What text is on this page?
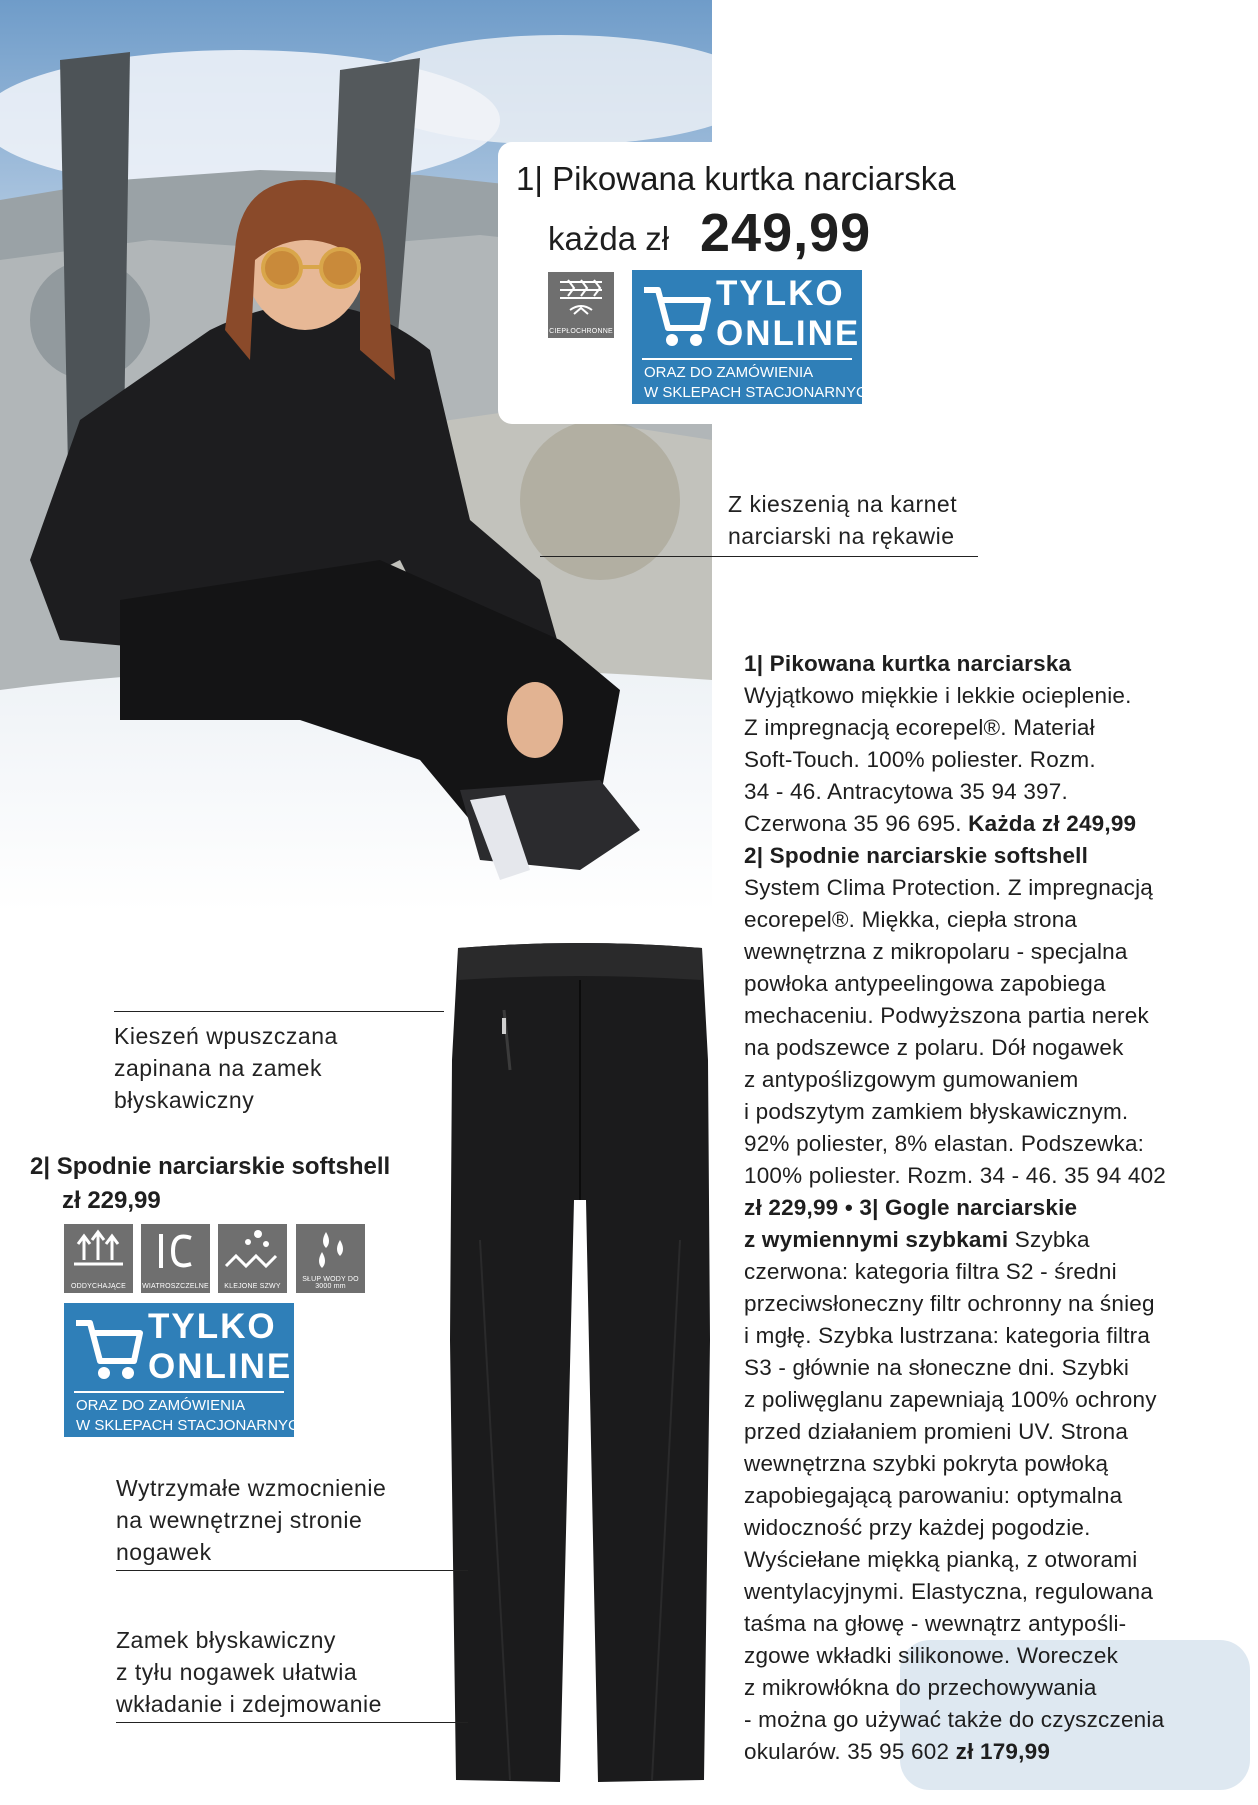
1| Pikowana kurtka narciarska
każda zł 249,99
CIEPŁOCHRONNE
TYLKO
ONLINE
ORAZ DO ZAMÓWIENIA
W SKLEPACH STACJONARNYCH
Z kieszenią na karnet
narciarski na rękawie
Kieszeń wpuszczana
zapinana na zamek
błyskawiczny
2| Spodnie narciarskie softshell
zł 229,99
ODDYCHAJĄCE	WIATROSZCZELNE	KLEJONE SZWY
SŁUP WODY DO 3000 mm
TYLKO
ONLINE
ORAZ DO ZAMÓWIENIA
W SKLEPACH STACJONARNYCH
Wytrzymałe wzmocnienie
na wewnętrznej stronie
nogawek
Zamek błyskawiczny
z tyłu nogawek ułatwia
wkładanie i zdejmowanie
1| Pikowana kurtka narciarska
Wyjątkowo miękkie i lekkie ocieplenie.
Z impregnacją ecorepel®. Materiał
Soft-Touch. 100% poliester. Rozm.
34 - 46. Antracytowa 35 94 397.
Czerwona 35 96 695. Każda zł 249,99
2| Spodnie narciarskie softshell
System Clima Protection. Z impregnacją
ecorepel®. Miękka, ciepła strona
wewnętrzna z mikropolaru - specjalna
powłoka antypeelingowa zapobiega
mechaceniu. Podwyższona partia nerek
na podszewce z polaru. Dół nogawek
z antypoślizgowym gumowaniem
i podszytym zamkiem błyskawicznym.
92% poliester, 8% elastan. Podszewka:
100% poliester. Rozm. 34 - 46. 35 94 402
zł 229,99 • 3| Gogle narciarskie
z wymiennymi szybkami Szybka
czerwona: kategoria filtra S2 - średni
przeciwsłoneczny filtr ochronny na śnieg
i mgłę. Szybka lustrzana: kategoria filtra
S3 - głównie na słoneczne dni. Szybki
z poliwęglanu zapewniają 100% ochrony
przed działaniem promieni UV. Strona
wewnętrzna szybki pokryta powłoką
zapobiegającą parowaniu: optymalna
widoczność przy każdej pogodzie.
Wyściełane miękką pianką, z otworami
wentylacyjnymi. Elastyczna, regulowana
taśma na głowę - wewnątrz antypośli-
zgowe wkładki silikonowe. Woreczek
z mikrowłókna do przechowywania
- można go używać także do czyszczenia
okularów. 35 95 602 zł 179,99
